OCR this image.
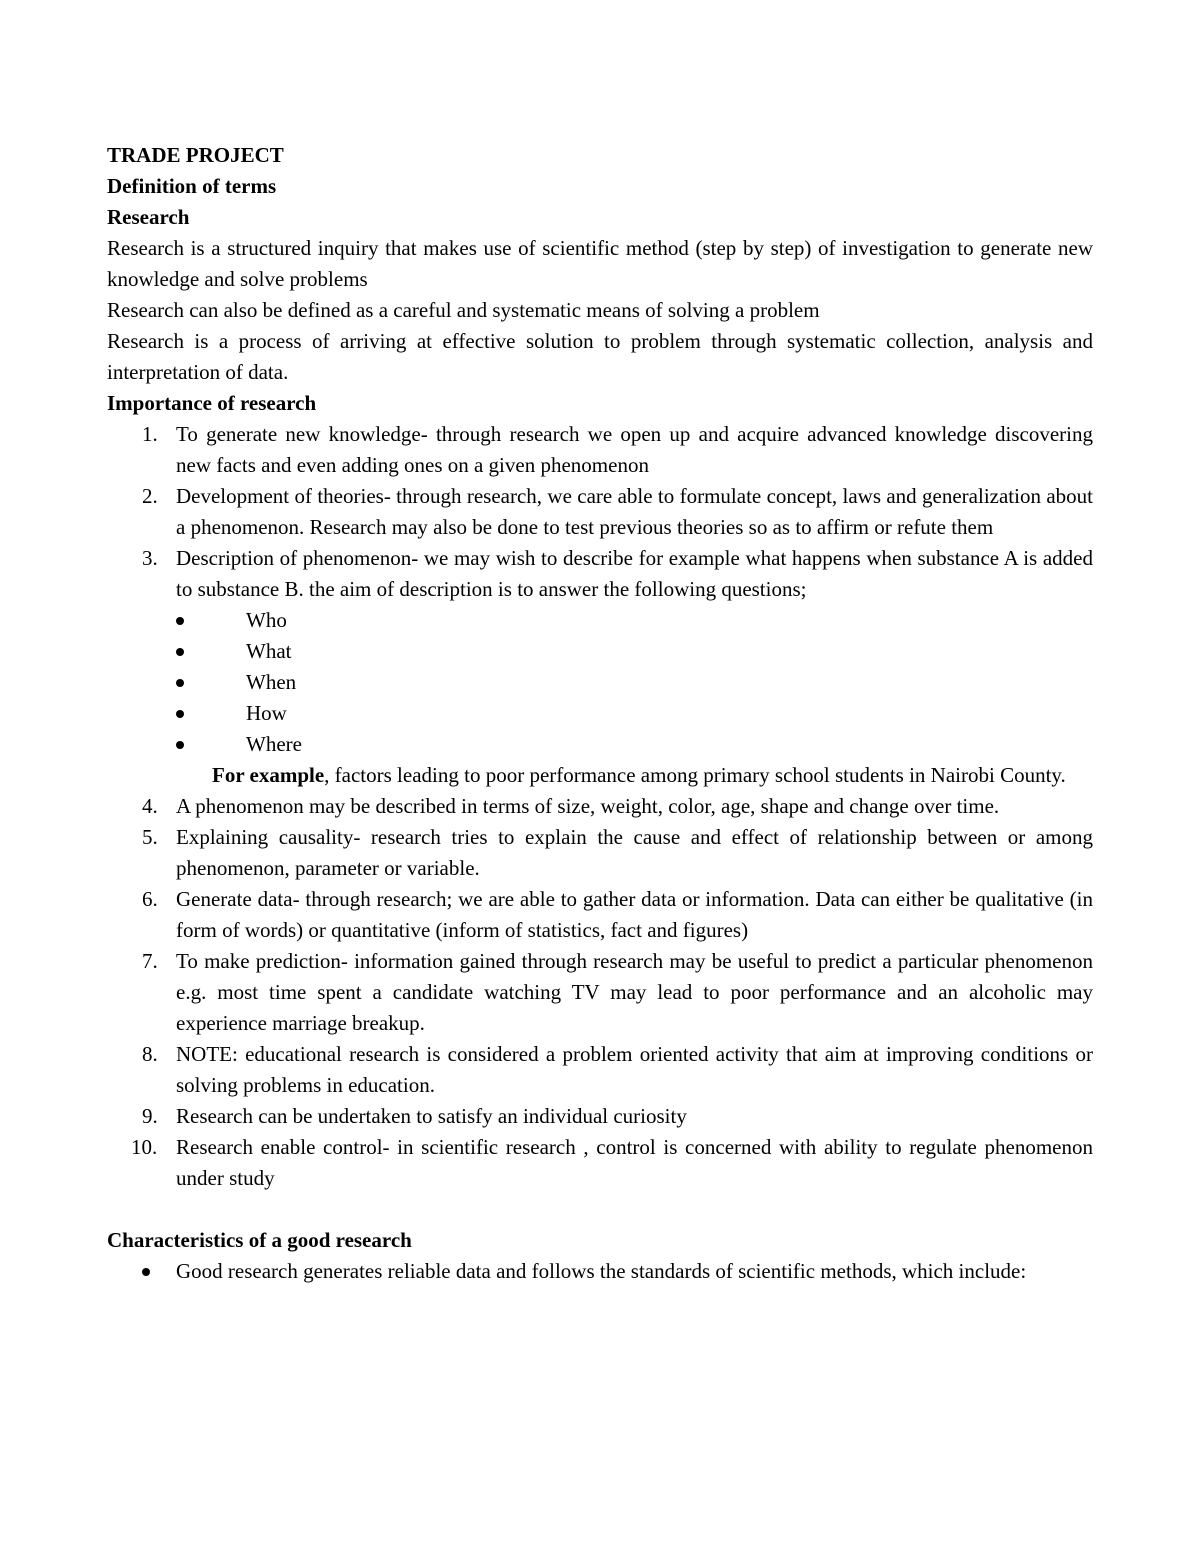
TRADE PROJECT

Definition of terms

Research

Research is a structured inquiry that makes use of scientific method (step by step) of investigation to generate new knowledge and solve problems

Research can also be defined as a careful and systematic means of solving a problem

Research is a process of arriving at effective solution to problem through systematic collection, analysis and interpretation of data.

Importance of research

1. To generate new knowledge- through research we open up and acquire advanced knowledge discovering new facts and even adding ones on a given phenomenon
2. Development of theories- through research, we care able to formulate concept, laws and generalization about a phenomenon. Research may also be done to test previous theories so as to affirm or refute them
3. Description of phenomenon- we may wish to describe for example what happens when substance A is added to substance B. the aim of description is to answer the following questions;
Who
What
When
How
Where
For example, factors leading to poor performance among primary school students in Nairobi County.
4. A phenomenon may be described in terms of size, weight, color, age, shape and change over time.
5. Explaining causality- research tries to explain the cause and effect of relationship between or among phenomenon, parameter or variable.
6. Generate data- through research; we are able to gather data or information. Data can either be qualitative (in form of words) or quantitative (inform of statistics, fact and figures)
7. To make prediction- information gained through research may be useful to predict a particular phenomenon e.g. most time spent a candidate watching TV may lead to poor performance and an alcoholic may experience marriage breakup.
8. NOTE: educational research is considered a problem oriented activity that aim at improving conditions or solving problems in education.
9. Research can be undertaken to satisfy an individual curiosity
10. Research enable control- in scientific research , control is concerned with ability to regulate phenomenon under study

Characteristics of a good research

Good research generates reliable data and follows the standards of scientific methods, which include:
